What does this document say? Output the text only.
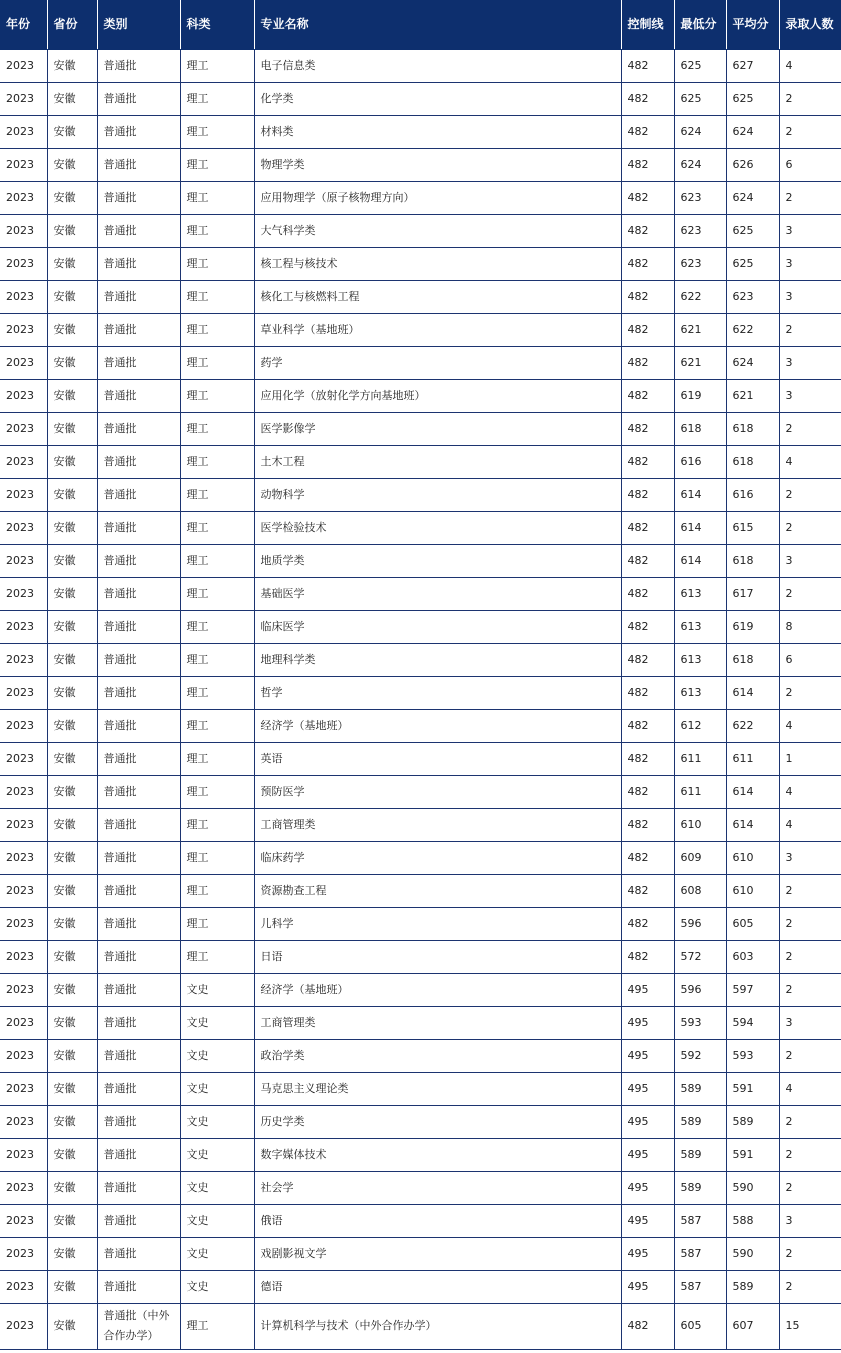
年份	省份	类别	科类	专业名称	控制线	最低分	平均分	录取人数
2023	安徽	普通批	理工	电子信息类	482	625	627	4
2023	安徽	普通批	理工	化学类	482	625	625	2
2023	安徽	普通批	理工	材料类	482	624	624	2
2023	安徽	普通批	理工	物理学类	482	624	626	6
2023	安徽	普通批	理工	应用物理学（原子核物理方向）	482	623	624	2
2023	安徽	普通批	理工	大气科学类	482	623	625	3
2023	安徽	普通批	理工	核工程与核技术	482	623	625	3
2023	安徽	普通批	理工	核化工与核燃料工程	482	622	623	3
2023	安徽	普通批	理工	草业科学（基地班）	482	621	622	2
2023	安徽	普通批	理工	药学	482	621	624	3
2023	安徽	普通批	理工	应用化学（放射化学方向基地班）	482	619	621	3
2023	安徽	普通批	理工	医学影像学	482	618	618	2
2023	安徽	普通批	理工	土木工程	482	616	618	4
2023	安徽	普通批	理工	动物科学	482	614	616	2
2023	安徽	普通批	理工	医学检验技术	482	614	615	2
2023	安徽	普通批	理工	地质学类	482	614	618	3
2023	安徽	普通批	理工	基础医学	482	613	617	2
2023	安徽	普通批	理工	临床医学	482	613	619	8
2023	安徽	普通批	理工	地理科学类	482	613	618	6
2023	安徽	普通批	理工	哲学	482	613	614	2
2023	安徽	普通批	理工	经济学（基地班）	482	612	622	4
2023	安徽	普通批	理工	英语	482	611	611	1
2023	安徽	普通批	理工	预防医学	482	611	614	4
2023	安徽	普通批	理工	工商管理类	482	610	614	4
2023	安徽	普通批	理工	临床药学	482	609	610	3
2023	安徽	普通批	理工	资源勘查工程	482	608	610	2
2023	安徽	普通批	理工	儿科学	482	596	605	2
2023	安徽	普通批	理工	日语	482	572	603	2
2023	安徽	普通批	文史	经济学（基地班）	495	596	597	2
2023	安徽	普通批	文史	工商管理类	495	593	594	3
2023	安徽	普通批	文史	政治学类	495	592	593	2
2023	安徽	普通批	文史	马克思主义理论类	495	589	591	4
2023	安徽	普通批	文史	历史学类	495	589	589	2
2023	安徽	普通批	文史	数字媒体技术	495	589	591	2
2023	安徽	普通批	文史	社会学	495	589	590	2
2023	安徽	普通批	文史	俄语	495	587	588	3
2023	安徽	普通批	文史	戏剧影视文学	495	587	590	2
2023	安徽	普通批	文史	德语	495	587	589	2
2023	安徽	普通批（中外合作办学）	理工	计算机科学与技术（中外合作办学）	482	605	607	15
